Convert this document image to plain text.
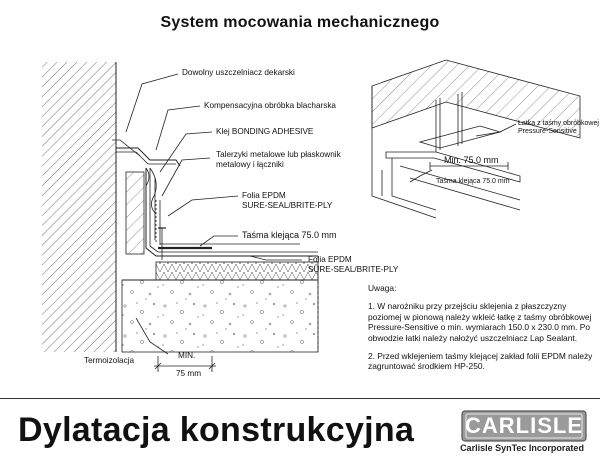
System mocowania mechanicznego
Dowolny uszczelniacz dekarski
Kompensacyjna obróbka blacharska
Klej BONDING ADHESIVE
Talerzyki metalowe lub płaskownik
metalowy i łączniki
Folia EPDM
SURE-SEAL/BRITE-PLY
Taśma klejąca 75.0 mm
Folia EPDM
SURE-SEAL/BRITE-PLY
Termoizolacja
MIN.
75 mm
Łatka z taśmy obróbkowej
Pressure-Sensitive
Min. 75.0 mm
Taśma klejąca 75.0 mm
Uwaga:

1. W narożniku przy przejściu sklejenia z płaszczyzny poziomej w pionową należy wkleić łatkę z taśmy obróbkowej Pressure-Sensitive o min. wymiarach 150.0 x 230.0 mm. Po obwodzie łatki należy nałożyć uszczelniacz Lap Sealant.

2. Przed wklejeniem taśmy klejącej zakład folii EPDM należy zagruntować środkiem HP-250.

Dylatacja konstrukcyjna CARLISLE
Carlisle SynTec Incorporated
